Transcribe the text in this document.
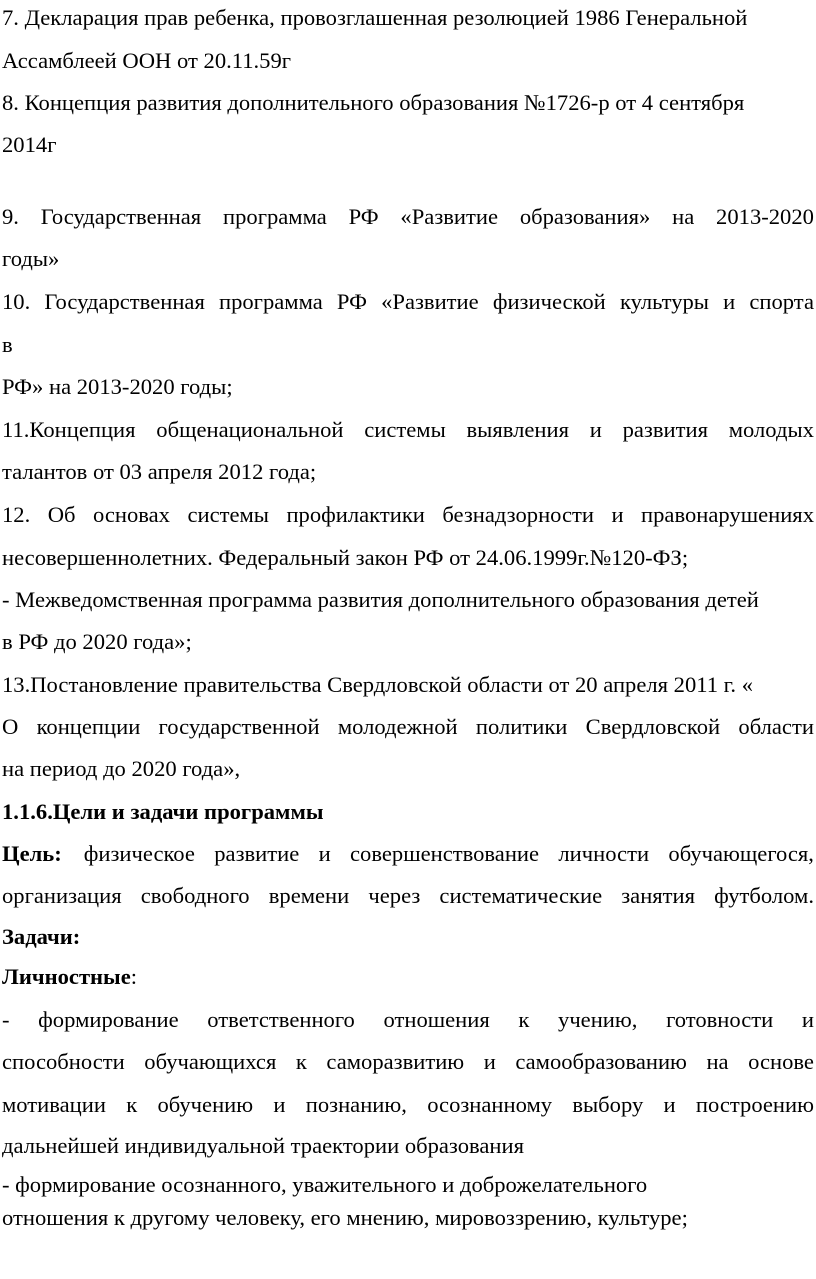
7. Декларация прав ребенка, провозглашенная резолюцией 1986 Генеральной
Ассамблеей ООН от 20.11.59г
8. Концепция развития дополнительного образования №1726-р от 4 сентября
2014г
9. Государственная программа РФ «Развитие образования» на 2013-2020
годы»
10. Государственная программа РФ «Развитие физической культуры и спорта
в
РФ» на 2013-2020 годы;
11.Концепция общенациональной системы выявления и развития молодых
талантов от 03 апреля 2012 года;
12. Об основах системы профилактики безнадзорности и правонарушениях
несовершеннолетних. Федеральный закон РФ от 24.06.1999г.№120-ФЗ;
- Межведомственная программа развития дополнительного образования детей
в РФ до 2020 года»;
13.Постановление правительства Свердловской области от 20 апреля 2011 г. «
О концепции государственной молодежной политики Свердловской области
на период до 2020 года»,
1.1.6.Цели и задачи программы
Цель: физическое развитие и совершенствование личности обучающегося,
организация свободного времени через систематические занятия футболом.
Задачи:
Личностные:
- формирование ответственного отношения к учению, готовности и
способности обучающихся к саморазвитию и самообразованию на основе
мотивации к обучению и познанию, осознанному выбору и построению
дальнейшей индивидуальной траектории образования
- формирование осознанного, уважительного и доброжелательного
отношения к другому человеку, его мнению, мировоззрению, культуре;
